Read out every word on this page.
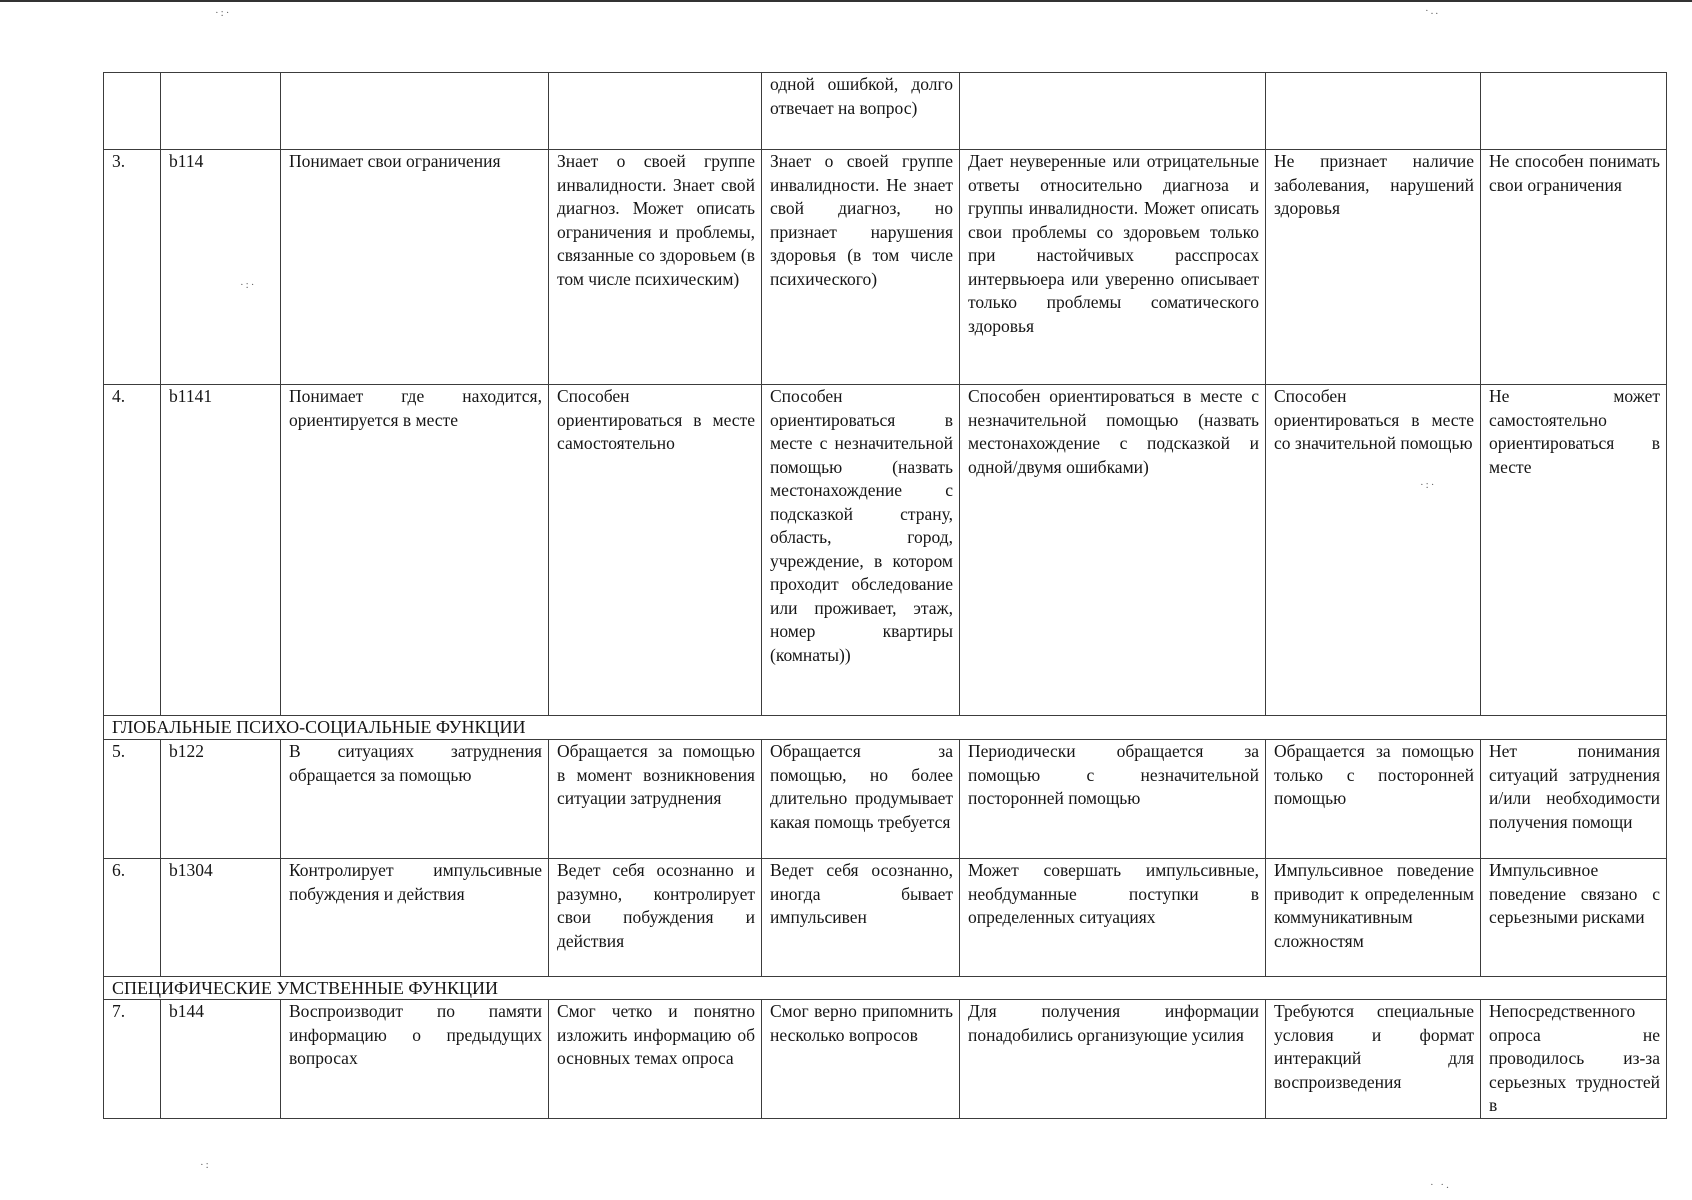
				одной ошибкой, долго отвечает на вопрос)			
3.	b114	Понимает свои ограничения	Знает о своей группе инвалидности. Знает свой диагноз. Может описать ограничения и проблемы, связанные со здоровьем (в том числе психическим)	Знает о своей группе инвалидности. Не знает свой диагноз, но признает нарушения здоровья (в том числе психического)	Дает неуверенные или отрицательные ответы относительно диагноза и группы инвалидности. Может описать свои проблемы со здоровьем только при настойчивых расспросах интервьюера или уверенно описывает только проблемы соматического здоровья	Не признает наличие заболевания, нарушений здоровья	Не способен понимать свои ограничения
4.	b1141	Понимает где находится, ориентируется в месте	Способен ориентироваться в месте самостоятельно	Способен ориентироваться в месте с незначительной помощью (назвать местонахождение с подсказкой страну, область, город, учреждение, в котором проходит обследование или проживает, этаж, номер квартиры (комнаты))	Способен ориентироваться в месте с незначительной помощью (назвать местонахождение с подсказкой и одной/двумя ошибками)	Способен ориентироваться в месте со значительной помощью	Не может самостоятельно ориентироваться в месте
ГЛОБАЛЬНЫЕ ПСИХО-СОЦИАЛЬНЫЕ ФУНКЦИИ							
5.	b122	В ситуациях затруднения обращается за помощью	Обращается за помощью в момент возникновения ситуации затруднения	Обращается за помощью, но более длительно продумывает какая помощь требуется	Периодически обращается за помощью с незначительной посторонней помощью	Обращается за помощью только с посторонней помощью	Нет понимания ситуаций затруднения и/или необходимости получения помощи
6.	b1304	Контролирует импульсивные побуждения и действия	Ведет себя осознанно и разумно, контролирует свои побуждения и действия	Ведет себя осознанно, иногда бывает импульсивен	Может совершать импульсивные, необдуманные поступки в определенных ситуациях	Импульсивное поведение приводит к определенным коммуникативным сложностям	Импульсивное поведение связано с серьезными рисками
СПЕЦИФИЧЕСКИЕ УМСТВЕННЫЕ ФУНКЦИИ							
7.	b144	Воспроизводит по памяти информацию о предыдущих вопросах	Смог четко и понятно изложить информацию об основных темах опроса	Смог верно припомнить несколько вопросов	Для получения информации понадобились организующие усилия	Требуются специальные условия и формат интеракций для воспроизведения	Непосредственного опроса не проводилось из-за серьезных трудностей в
·:·	·..
·:
· ·.
·:·
·:·
